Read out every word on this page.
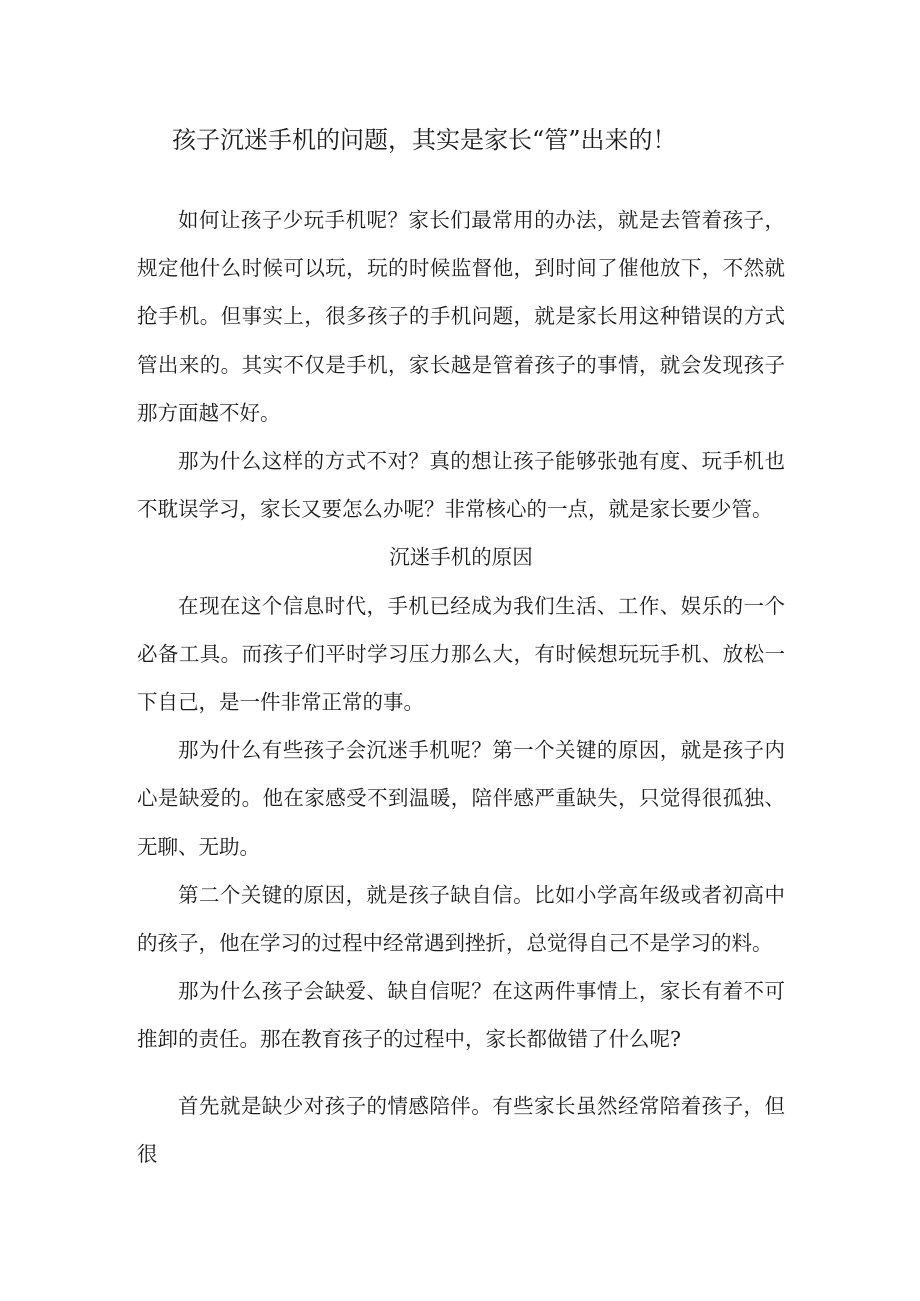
孩子沉迷手机的问题，其实是家长“管”出来的！

如何让孩子少玩手机呢？家长们最常用的办法，就是去管着孩子，规定他什么时候可以玩，玩的时候监督他，到时间了催他放下，不然就抢手机。但事实上，很多孩子的手机问题，就是家长用这种错误的方式管出来的。其实不仅是手机，家长越是管着孩子的事情，就会发现孩子那方面越不好。

那为什么这样的方式不对？真的想让孩子能够张弛有度、玩手机也不耽误学习，家长又要怎么办呢？非常核心的一点，就是家长要少管。

沉迷手机的原因

在现在这个信息时代，手机已经成为我们生活、工作、娱乐的一个必备工具。而孩子们平时学习压力那么大，有时候想玩玩手机、放松一下自己，是一件非常正常的事。

那为什么有些孩子会沉迷手机呢？第一个关键的原因，就是孩子内心是缺爱的。他在家感受不到温暖，陪伴感严重缺失，只觉得很孤独、无聊、无助。

第二个关键的原因，就是孩子缺自信。比如小学高年级或者初高中的孩子，他在学习的过程中经常遇到挫折，总觉得自己不是学习的料。

那为什么孩子会缺爱、缺自信呢？在这两件事情上，家长有着不可推卸的责任。那在教育孩子的过程中，家长都做错了什么呢?

首先就是缺少对孩子的情感陪伴。有些家长虽然经常陪着孩子，但很
